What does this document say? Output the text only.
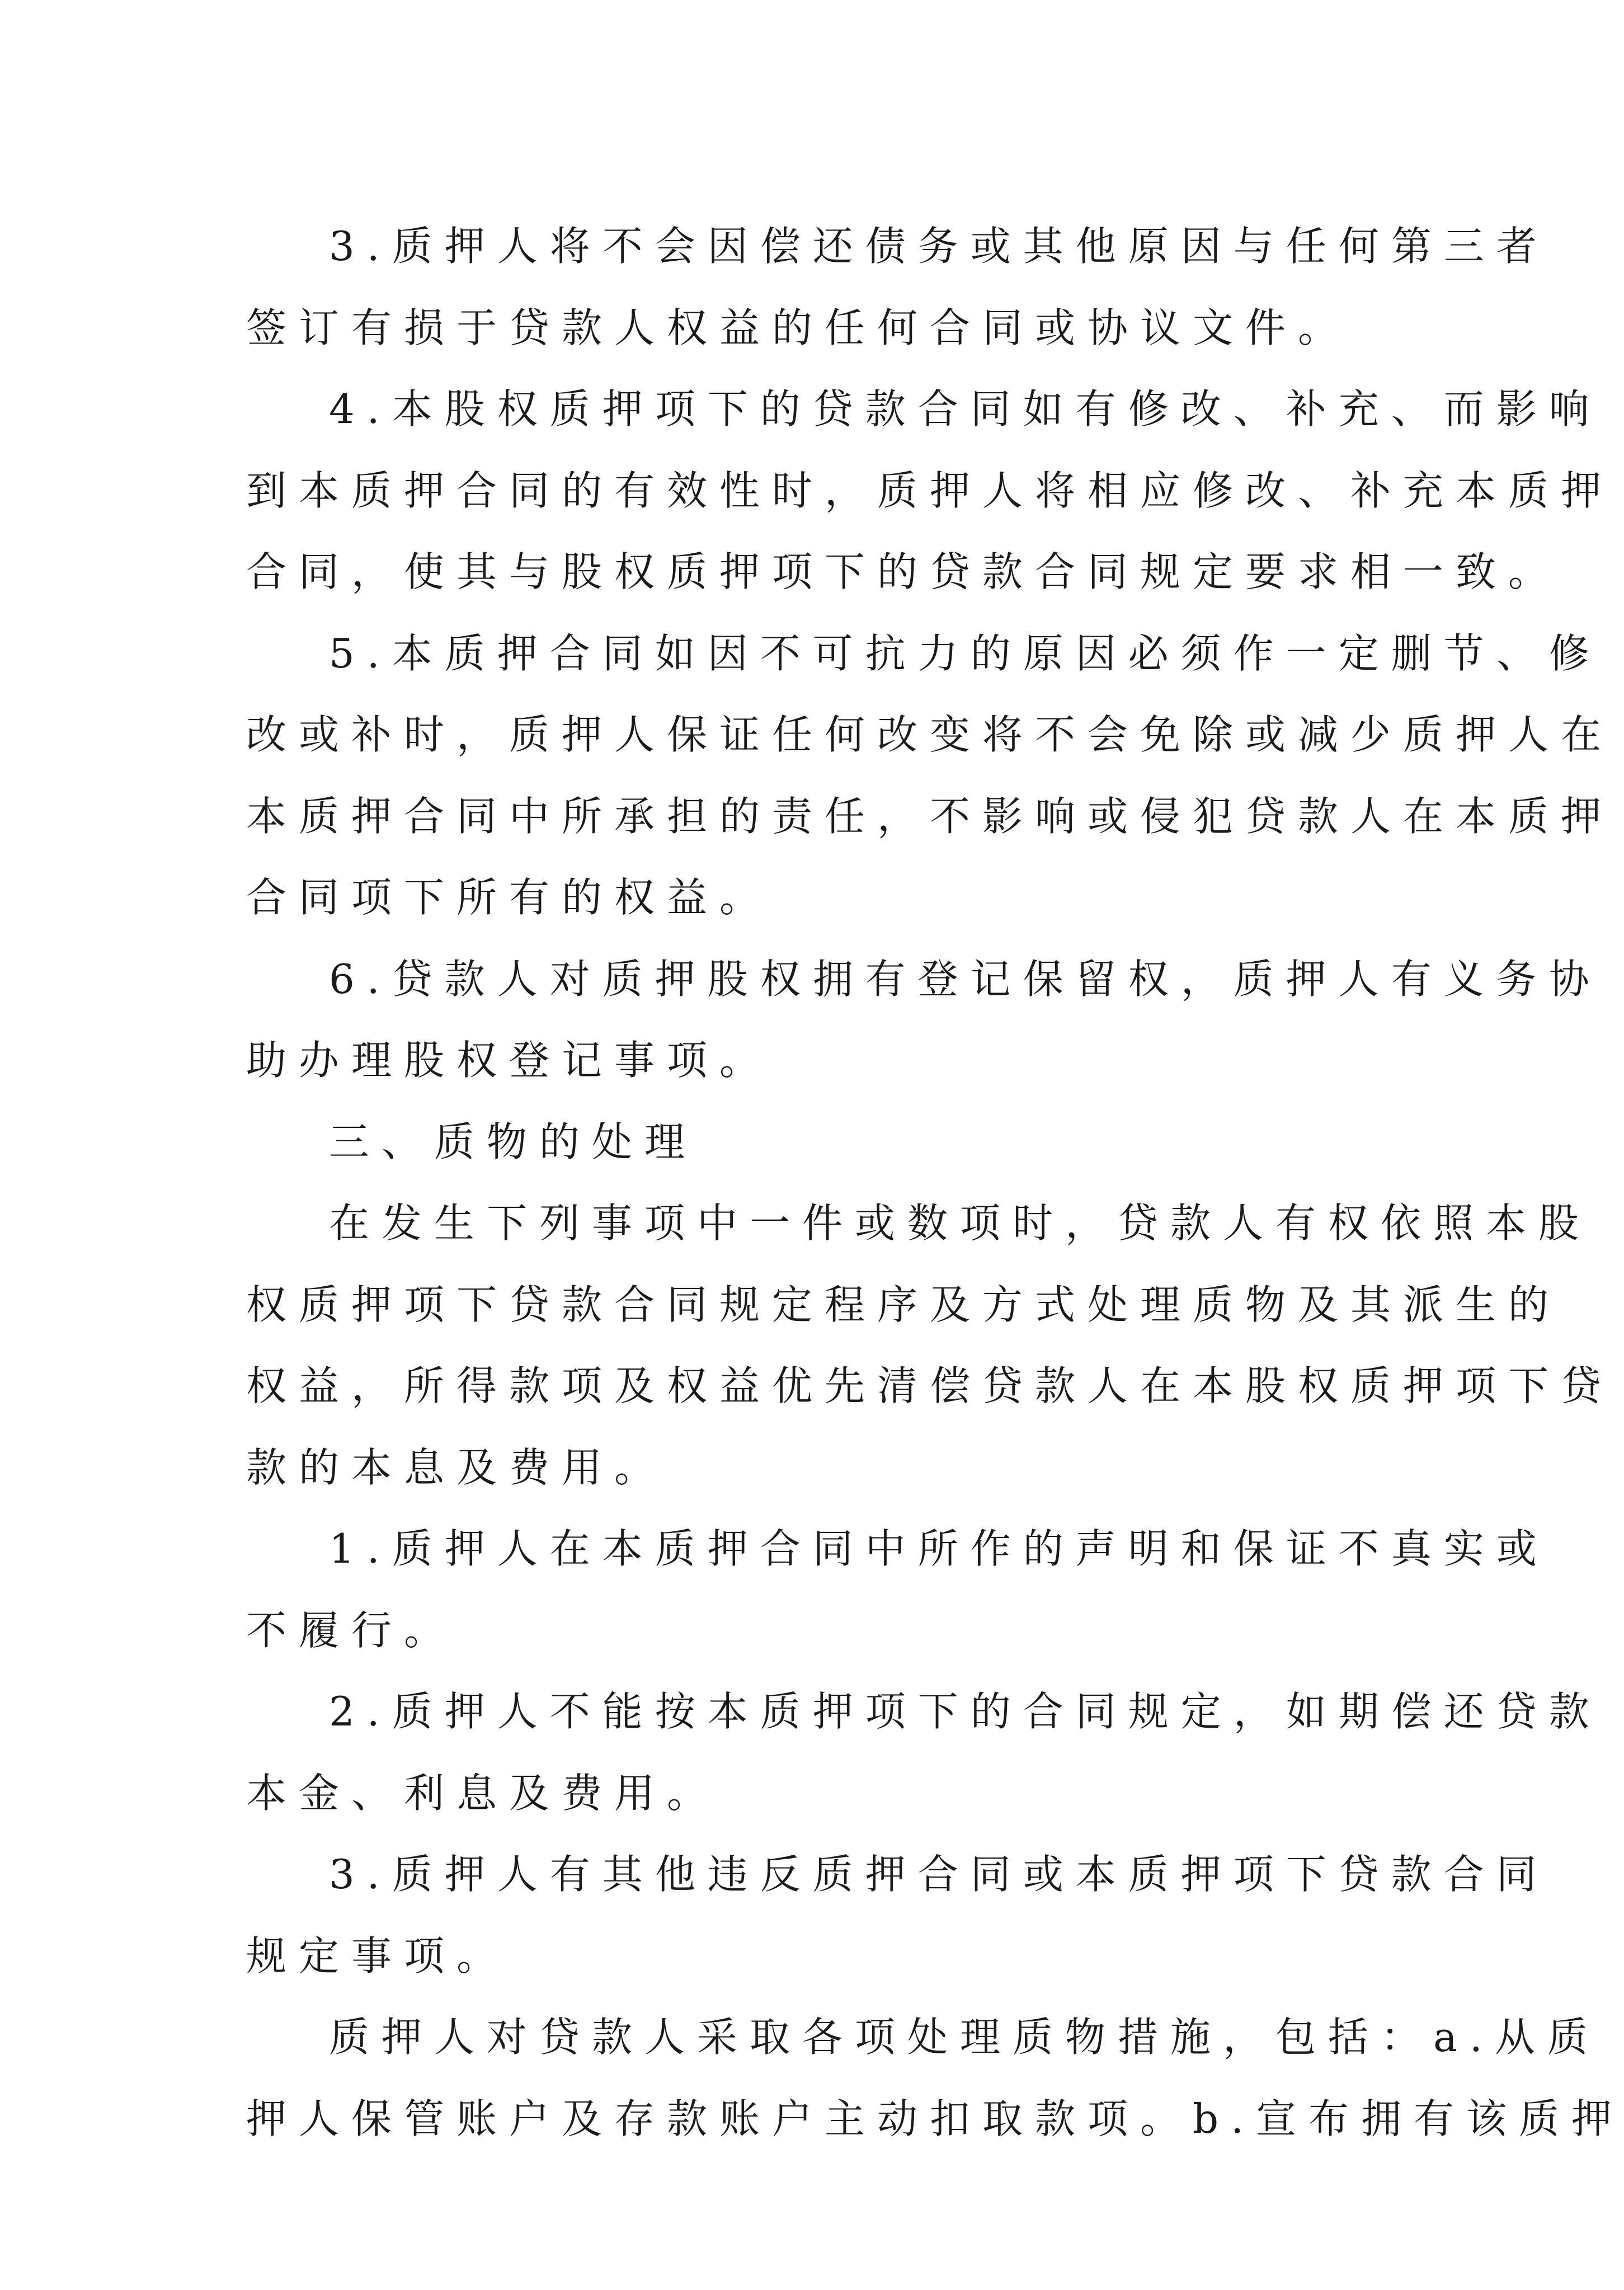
3.质押人将不会因偿还债务或其他原因与任何第三者
签订有损于贷款人权益的任何合同或协议文件。
4.本股权质押项下的贷款合同如有修改、补充、而影响
到本质押合同的有效性时，质押人将相应修改、补充本质押
合同，使其与股权质押项下的贷款合同规定要求相一致。
5.本质押合同如因不可抗力的原因必须作一定删节、修
改或补时，质押人保证任何改变将不会免除或减少质押人在
本质押合同中所承担的责任，不影响或侵犯贷款人在本质押
合同项下所有的权益。
6.贷款人对质押股权拥有登记保留权，质押人有义务协
助办理股权登记事项。
三、质物的处理
在发生下列事项中一件或数项时，贷款人有权依照本股
权质押项下贷款合同规定程序及方式处理质物及其派生的
权益，所得款项及权益优先清偿贷款人在本股权质押项下贷
款的本息及费用。
1.质押人在本质押合同中所作的声明和保证不真实或
不履行。
2.质押人不能按本质押项下的合同规定，如期偿还贷款
本金、利息及费用。
3.质押人有其他违反质押合同或本质押项下贷款合同
规定事项。
质押人对贷款人采取各项处理质物措施，包括：a.从质
押人保管账户及存款账户主动扣取款项。b.宣布拥有该质押
